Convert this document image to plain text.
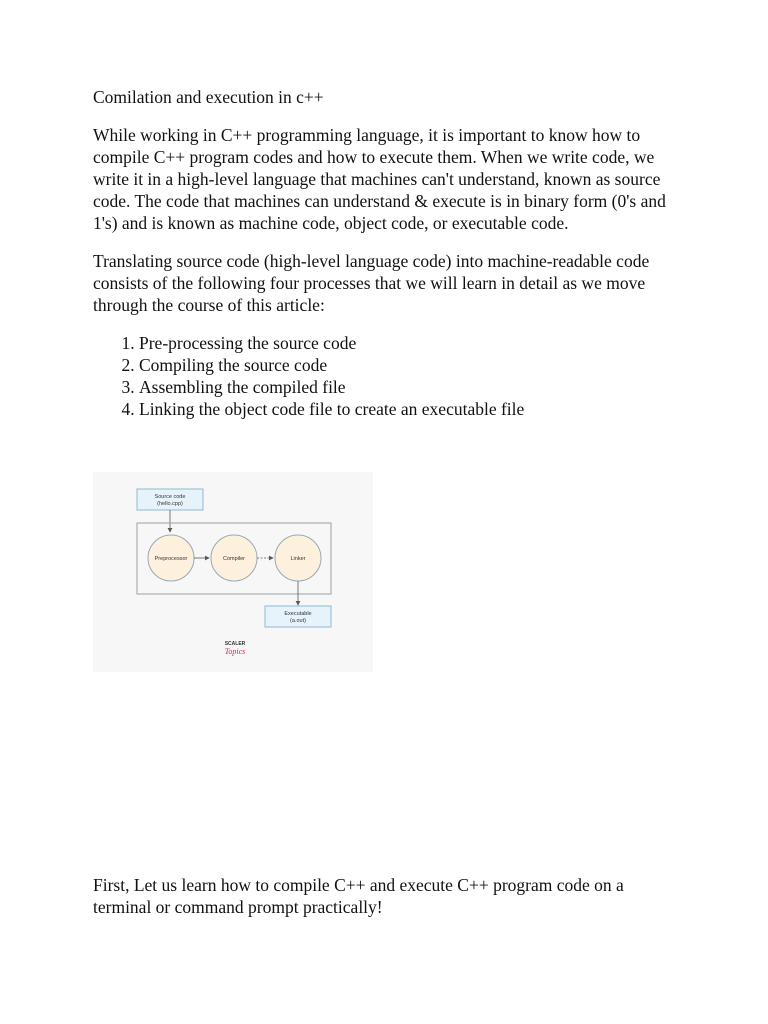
Comilation and execution in c++

While working in C++ programming language, it is important to know how to compile C++ program codes and how to execute them. When we write code, we write it in a high-level language that machines can't understand, known as source code. The code that machines can understand & execute is in binary form (0's and 1's) and is known as machine code, object code, or executable code.

Translating source code (high-level language code) into machine-readable code consists of the following four processes that we will learn in detail as we move through the course of this article:

1. Pre-processing the source code
2. Compiling the source code
3. Assembling the compiled file
4. Linking the object code file to create an executable file
Source code
(hello.cpp)
Preprocessor	Compiler	Linker
Executable
(a.out)
SCALER
Topics

First, Let us learn how to compile C++ and execute C++ program code on a terminal or command prompt practically!
